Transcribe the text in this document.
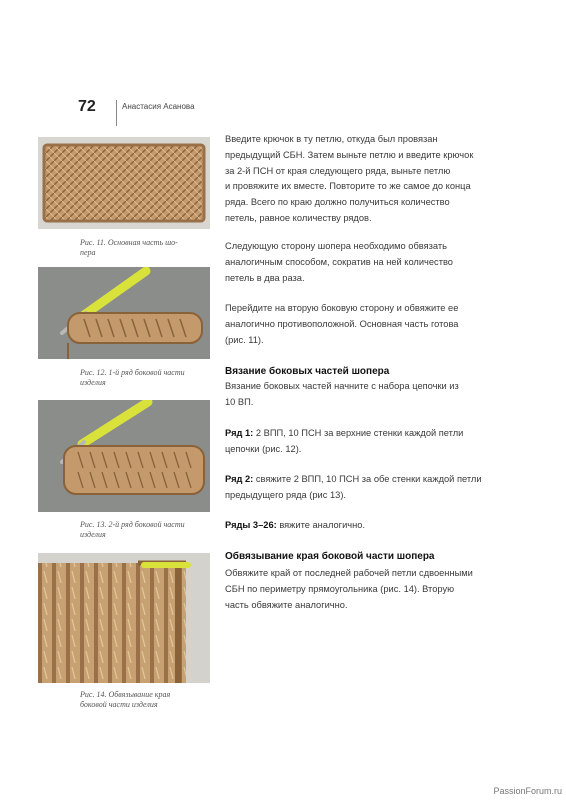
72	Анастасия Асанова
Рис. 11. Основная часть шо-
пера
Рис. 12. 1-й ряд боковой части
изделия
Рис. 13. 2-й ряд боковой части
изделия
Рис. 14. Обвязывание края
боковой части изделия
Введите крючок в ту петлю, откуда был провязан
предыдущий СБН. Затем выньте петлю и введите крючок
за 2-й ПСН от края следующего ряда, выньте петлю
и провяжите их вместе. Повторите то же самое до конца
ряда. Всего по краю должно получиться количество
петель, равное количеству рядов.
Следующую сторону шопера необходимо обвязать
аналогичным способом, сократив на ней количество
петель в два раза.
Перейдите на вторую боковую сторону и обвяжите ее
аналогично противоположной. Основная часть готова
(рис. 11).
Вязание боковых частей шопера
Вязание боковых частей начните с набора цепочки из
10 ВП.
Ряд 1: 2 ВПП, 10 ПСН за верхние стенки каждой петли
цепочки (рис. 12).
Ряд 2: свяжите 2 ВПП, 10 ПСН за обе стенки каждой петли
предыдущего ряда (рис 13).
Ряды 3–26: вяжите аналогично.
Обвязывание края боковой части шопера
Обвяжите край от последней рабочей петли сдвоенными
СБН по периметру прямоугольника (рис. 14). Вторую
часть обвяжите аналогично.
PassionForum.ru
